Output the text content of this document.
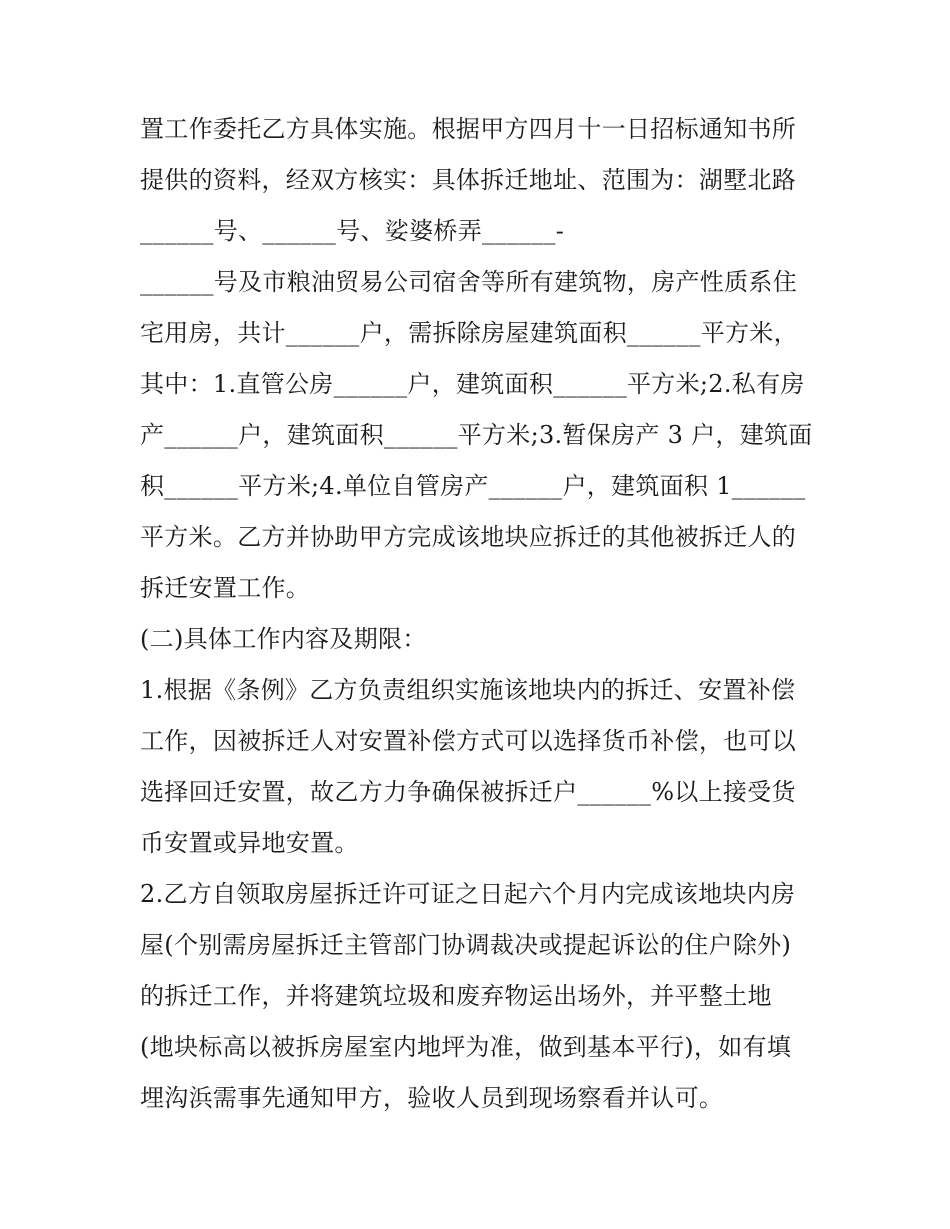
置工作委托乙方具体实施。根据甲方四月十一日招标通知书所
提供的资料，经双方核实：具体拆迁地址、范围为：湖墅北路
______号、______号、娑婆桥弄______-
______号及市粮油贸易公司宿舍等所有建筑物，房产性质系住
宅用房，共计______户，需拆除房屋建筑面积______平方米，
其中：1.直管公房______户，建筑面积______平方米;2.私有房
产______户，建筑面积______平方米;3.暂保房产 3 户，建筑面
积______平方米;4.单位自管房产______户，建筑面积 1______
平方米。乙方并协助甲方完成该地块应拆迁的其他被拆迁人的
拆迁安置工作。
(二)具体工作内容及期限：
1.根据《条例》乙方负责组织实施该地块内的拆迁、安置补偿
工作，因被拆迁人对安置补偿方式可以选择货币补偿，也可以
选择回迁安置，故乙方力争确保被拆迁户______%以上接受货
币安置或异地安置。
2.乙方自领取房屋拆迁许可证之日起六个月内完成该地块内房
屋(个别需房屋拆迁主管部门协调裁决或提起诉讼的住户除外)
的拆迁工作，并将建筑垃圾和废弃物运出场外，并平整土地
(地块标高以被拆房屋室内地坪为准，做到基本平行)，如有填
埋沟浜需事先通知甲方，验收人员到现场察看并认可。
